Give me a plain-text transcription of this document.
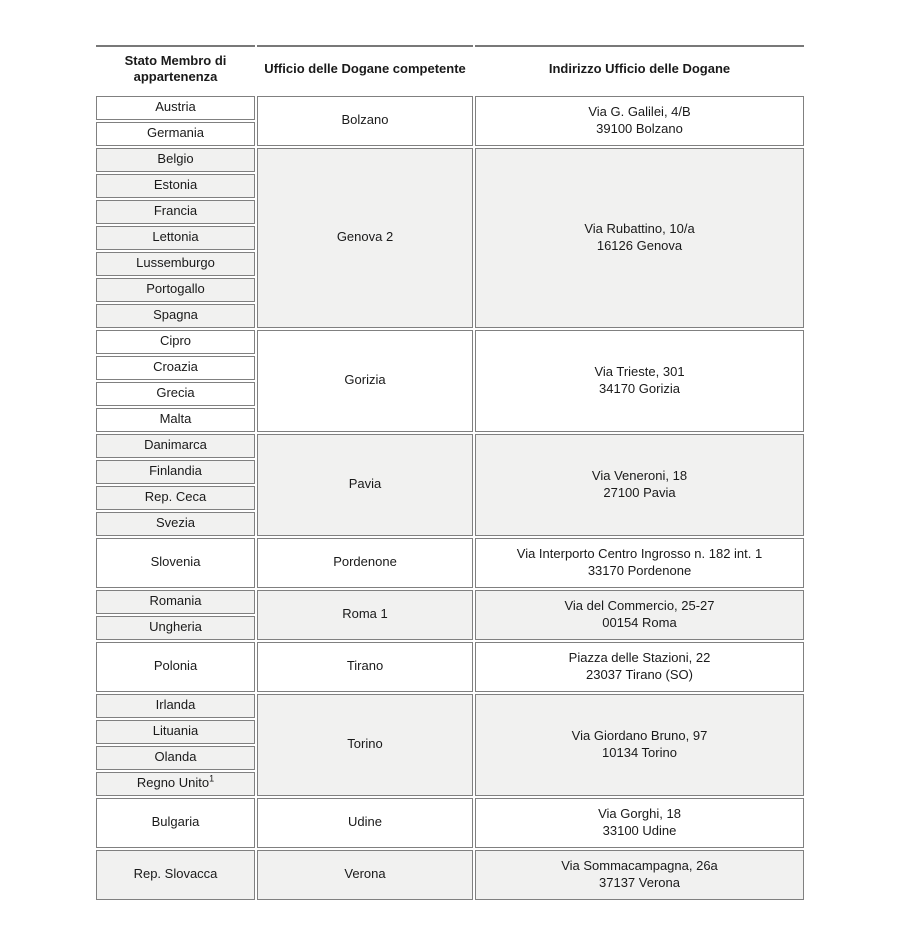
Stato Membro di appartenenza	Ufficio delle Dogane competente	Indirizzo Ufficio delle Dogane
Austria	Bolzano	Via G. Galilei, 4/B
39100 Bolzano

Germania		
Belgio	Genova 2	Via Rubattino, 10/a
16126 Genova

Estonia		
Francia		
Lettonia		
Lussemburgo		
Portogallo		
Spagna		
Cipro	Gorizia	Via Trieste, 301
34170 Gorizia

Croazia		
Grecia		
Malta		
Danimarca	Pavia	Via Veneroni, 18
27100 Pavia

Finlandia		
Rep. Ceca		
Svezia		
Slovenia	Pordenone	Via Interporto Centro Ingrosso n. 182 int. 1
33170 Pordenone

Romania	Roma 1	Via del Commercio, 25-27
00154 Roma

Ungheria		
Polonia	Tirano	Piazza delle Stazioni, 22
23037 Tirano (SO)

Irlanda	Torino	Via Giordano Bruno, 97
10134 Torino

Lituania		
Olanda		
Regno Unito$^1$
Bulgaria	Udine	Via Gorghi, 18
33100 Udine

Rep. Slovacca	Verona	Via Sommacampagna, 26a
37137 Verona
